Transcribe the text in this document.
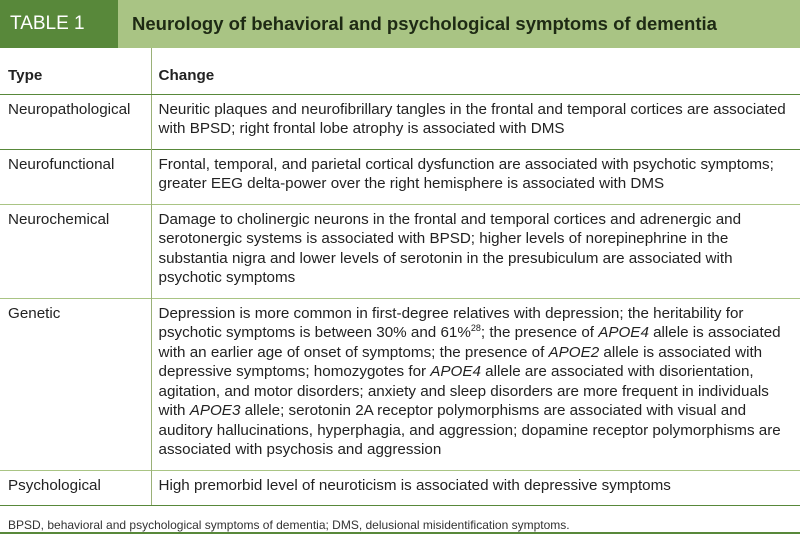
TABLE 1	Neurology of behavioral and psychological symptoms of dementia
Type	Change
Neuropathological	Neuritic plaques and neurofibrillary tangles in the frontal and temporal cortices are associated with BPSD; right frontal lobe atrophy is associated with DMS
Neurofunctional	Frontal, temporal, and parietal cortical dysfunction are associated with psychotic symptoms; greater EEG delta-power over the right hemisphere is associated with DMS
Neurochemical	Damage to cholinergic neurons in the frontal and temporal cortices and adrenergic and serotonergic systems is associated with BPSD; higher levels of norepinephrine in the substantia nigra and lower levels of serotonin in the presubiculum are associated with psychotic symptoms
Genetic	Depression is more common in first-degree relatives with depression; the heritability for psychotic symptoms is between 30% and 61%$^{28}$; the presence of APOE4 allele is associated with an earlier age of onset of symptoms; the presence of APOE2 allele is associated with depressive symptoms; homozygotes for APOE4 allele are associated with disorientation, agitation, and motor disorders; anxiety and sleep disorders are more frequent in individuals with APOE3 allele; serotonin 2A receptor polymorphisms are associated with visual and auditory hallucinations, hyperphagia, and aggression; dopamine receptor polymorphisms are associated with psychosis and aggression
Psychological	High premorbid level of neuroticism is associated with depressive symptoms
BPSD, behavioral and psychological symptoms of dementia; DMS, delusional misidentification symptoms.
